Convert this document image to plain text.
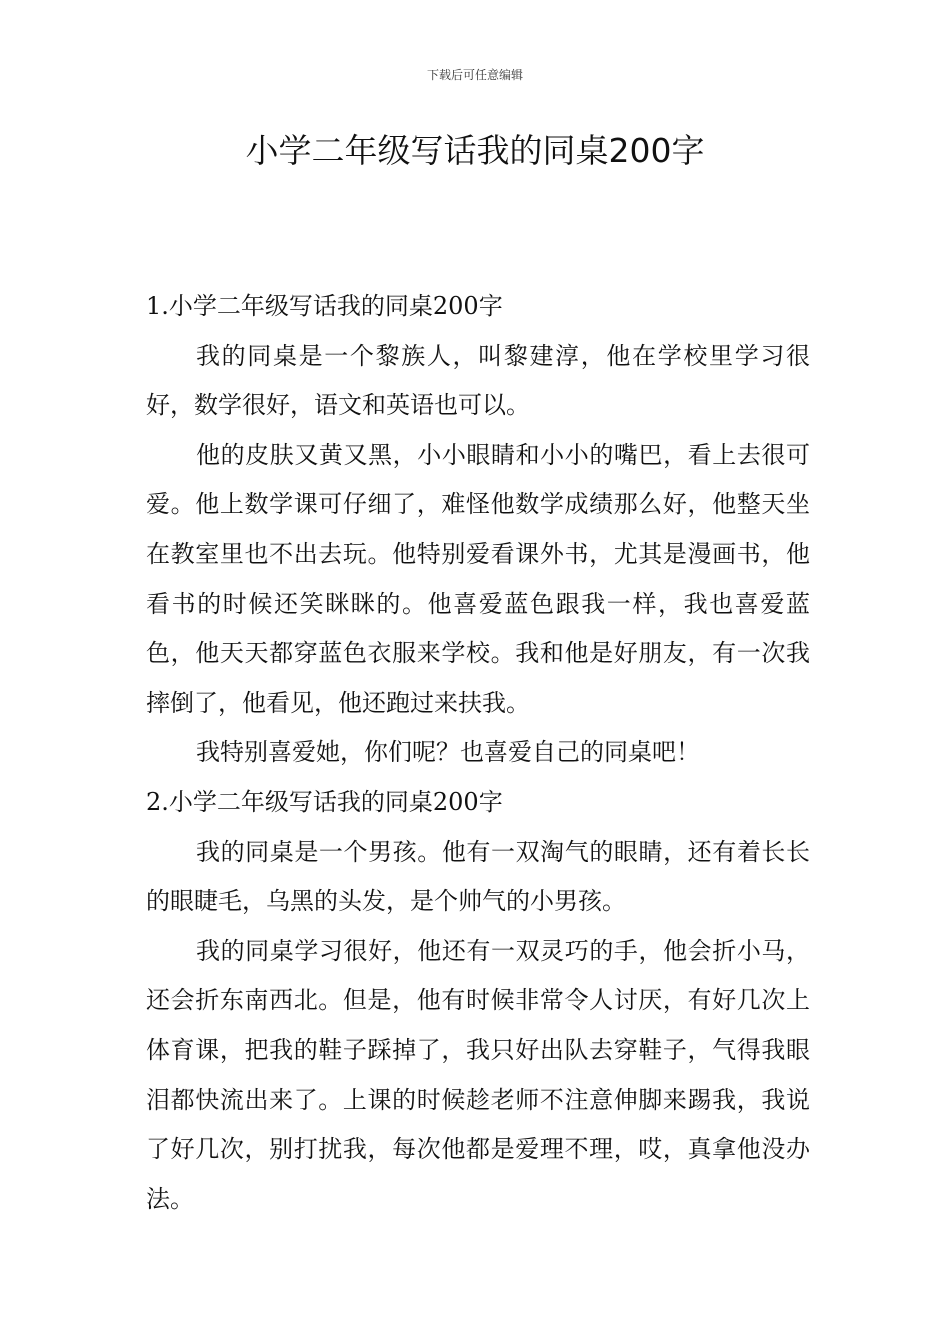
下载后可任意编辑
小学二年级写话我的同桌200字
1.小学二年级写话我的同桌200字

我的同桌是一个黎族人，叫黎建淳，他在学校里学习很好，数学很好，语文和英语也可以。

他的皮肤又黄又黑，小小眼睛和小小的嘴巴，看上去很可爱。他上数学课可仔细了，难怪他数学成绩那么好，他整天坐在教室里也不出去玩。他特别爱看课外书，尤其是漫画书，他看书的时候还笑眯眯的。他喜爱蓝色跟我一样，我也喜爱蓝色，他天天都穿蓝色衣服来学校。我和他是好朋友，有一次我摔倒了，他看见，他还跑过来扶我。

我特别喜爱她，你们呢？也喜爱自己的同桌吧！

2.小学二年级写话我的同桌200字

我的同桌是一个男孩。他有一双淘气的眼睛，还有着长长的眼睫毛，乌黑的头发，是个帅气的小男孩。

我的同桌学习很好，他还有一双灵巧的手，他会折小马，还会折东南西北。但是，他有时候非常令人讨厌，有好几次上体育课，把我的鞋子踩掉了，我只好出队去穿鞋子，气得我眼泪都快流出来了。上课的时候趁老师不注意伸脚来踢我，我说了好几次，别打扰我，每次他都是爱理不理，哎，真拿他没办法。
